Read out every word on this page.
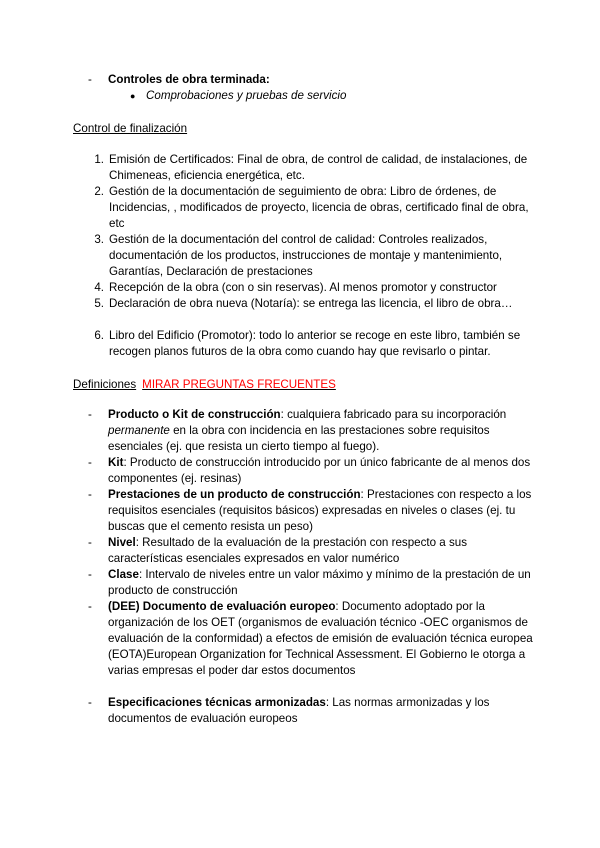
-	Controles de obra terminada:
● Comprobaciones y pruebas de servicio
Control de finalización
1. Emisión de Certificados: Final de obra, de control de calidad, de instalaciones, de Chimeneas, eficiencia energética, etc.
2. Gestión de la documentación de seguimiento de obra: Libro de órdenes, de Incidencias, , modificados de proyecto, licencia de obras, certificado final de obra, etc
3. Gestión de la documentación del control de calidad: Controles realizados, documentación de los productos, instrucciones de montaje y mantenimiento, Garantías, Declaración de prestaciones
4. Recepción de la obra (con o sin reservas). Al menos promotor y constructor
5. Declaración de obra nueva (Notaría): se entrega las licencia, el libro de obra…
6. Libro del Edificio (Promotor): todo lo anterior se recoge en este libro, también se recogen planos futuros de la obra como cuando hay que revisarlo o pintar.
Definiciones MIRAR PREGUNTAS FRECUENTES
-	Producto o Kit de construcción: cualquiera fabricado para su incorporación permanente en la obra con incidencia en las prestaciones sobre requisitos esenciales (ej. que resista un cierto tiempo al fuego).
-	Kit: Producto de construcción introducido por un único fabricante de al menos dos componentes (ej. resinas)
-	Prestaciones de un producto de construcción: Prestaciones con respecto a los requisitos esenciales (requisitos básicos) expresadas en niveles o clases (ej. tu buscas que el cemento resista un peso)
-	Nivel: Resultado de la evaluación de la prestación con respecto a sus características esenciales expresados en valor numérico
-	Clase: Intervalo de niveles entre un valor máximo y mínimo de la prestación de un producto de construcción
-	(DEE) Documento de evaluación europeo: Documento adoptado por la organización de los OET (organismos de evaluación técnico -OEC organismos de evaluación de la conformidad) a efectos de emisión de evaluación técnica europea (EOTA)European Organization for Technical Assessment. El Gobierno le otorga a varias empresas el poder dar estos documentos
-	Especificaciones técnicas armonizadas: Las normas armonizadas y los documentos de evaluación europeos
